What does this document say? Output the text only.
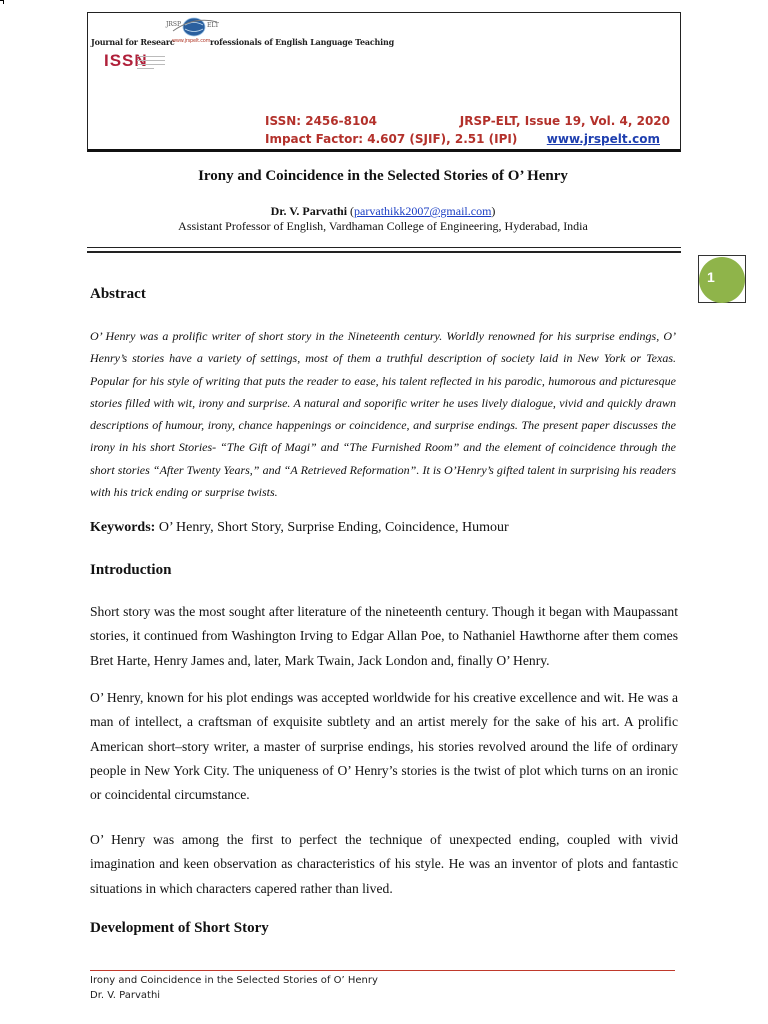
JRSP	ELT
Journal for Researc
www.jrspelt.com rofessionals of English Language Teaching
ISSN
ISSN: 2456-8104
Impact Factor: 4.607 (SJIF), 2.51 (IPI)
JRSP-ELT, Issue 19, Vol. 4, 2020
www.jrspelt.com
Irony and Coincidence in the Selected Stories of O’ Henry
Dr. V. Parvathi (parvathikk2007@gmail.com)
Assistant Professor of English, Vardhaman College of Engineering, Hyderabad, India
1
Abstract
O’ Henry was a prolific writer of short story in the Nineteenth century. Worldly renowned for his surprise endings, O’ Henry’s stories have a variety of settings, most of them a truthful description of society laid in New York or Texas. Popular for his style of writing that puts the reader to ease, his talent reflected in his parodic, humorous and picturesque stories filled with wit, irony and surprise. A natural and soporific writer he uses lively dialogue, vivid and quickly drawn descriptions of humour, irony, chance happenings or coincidence, and surprise endings. The present paper discusses the irony in his short Stories- “The Gift of Magi” and “The Furnished Room” and the element of coincidence through the short stories “After Twenty Years,” and “A Retrieved Reformation”. It is O’Henry’s gifted talent in surprising his readers with his trick ending or surprise twists.
Keywords: O’ Henry, Short Story, Surprise Ending, Coincidence, Humour
Introduction
Short story was the most sought after literature of the nineteenth century. Though it began with Maupassant stories, it continued from Washington Irving to Edgar Allan Poe, to Nathaniel Hawthorne after them comes Bret Harte, Henry James and, later, Mark Twain, Jack London and, finally O’ Henry.
O’ Henry, known for his plot endings was accepted worldwide for his creative excellence and wit. He was a man of intellect, a craftsman of exquisite subtlety and an artist merely for the sake of his art. A prolific American short–story writer, a master of surprise endings, his stories revolved around the life of ordinary people in New York City. The uniqueness of O’ Henry’s stories is the twist of plot which turns on an ironic or coincidental circumstance.
O’ Henry was among the first to perfect the technique of unexpected ending, coupled with vivid imagination and keen observation as characteristics of his style. He was an inventor of plots and fantastic situations in which characters capered rather than lived.
Development of Short Story
Irony and Coincidence in the Selected Stories of O’ Henry
Dr. V. Parvathi
